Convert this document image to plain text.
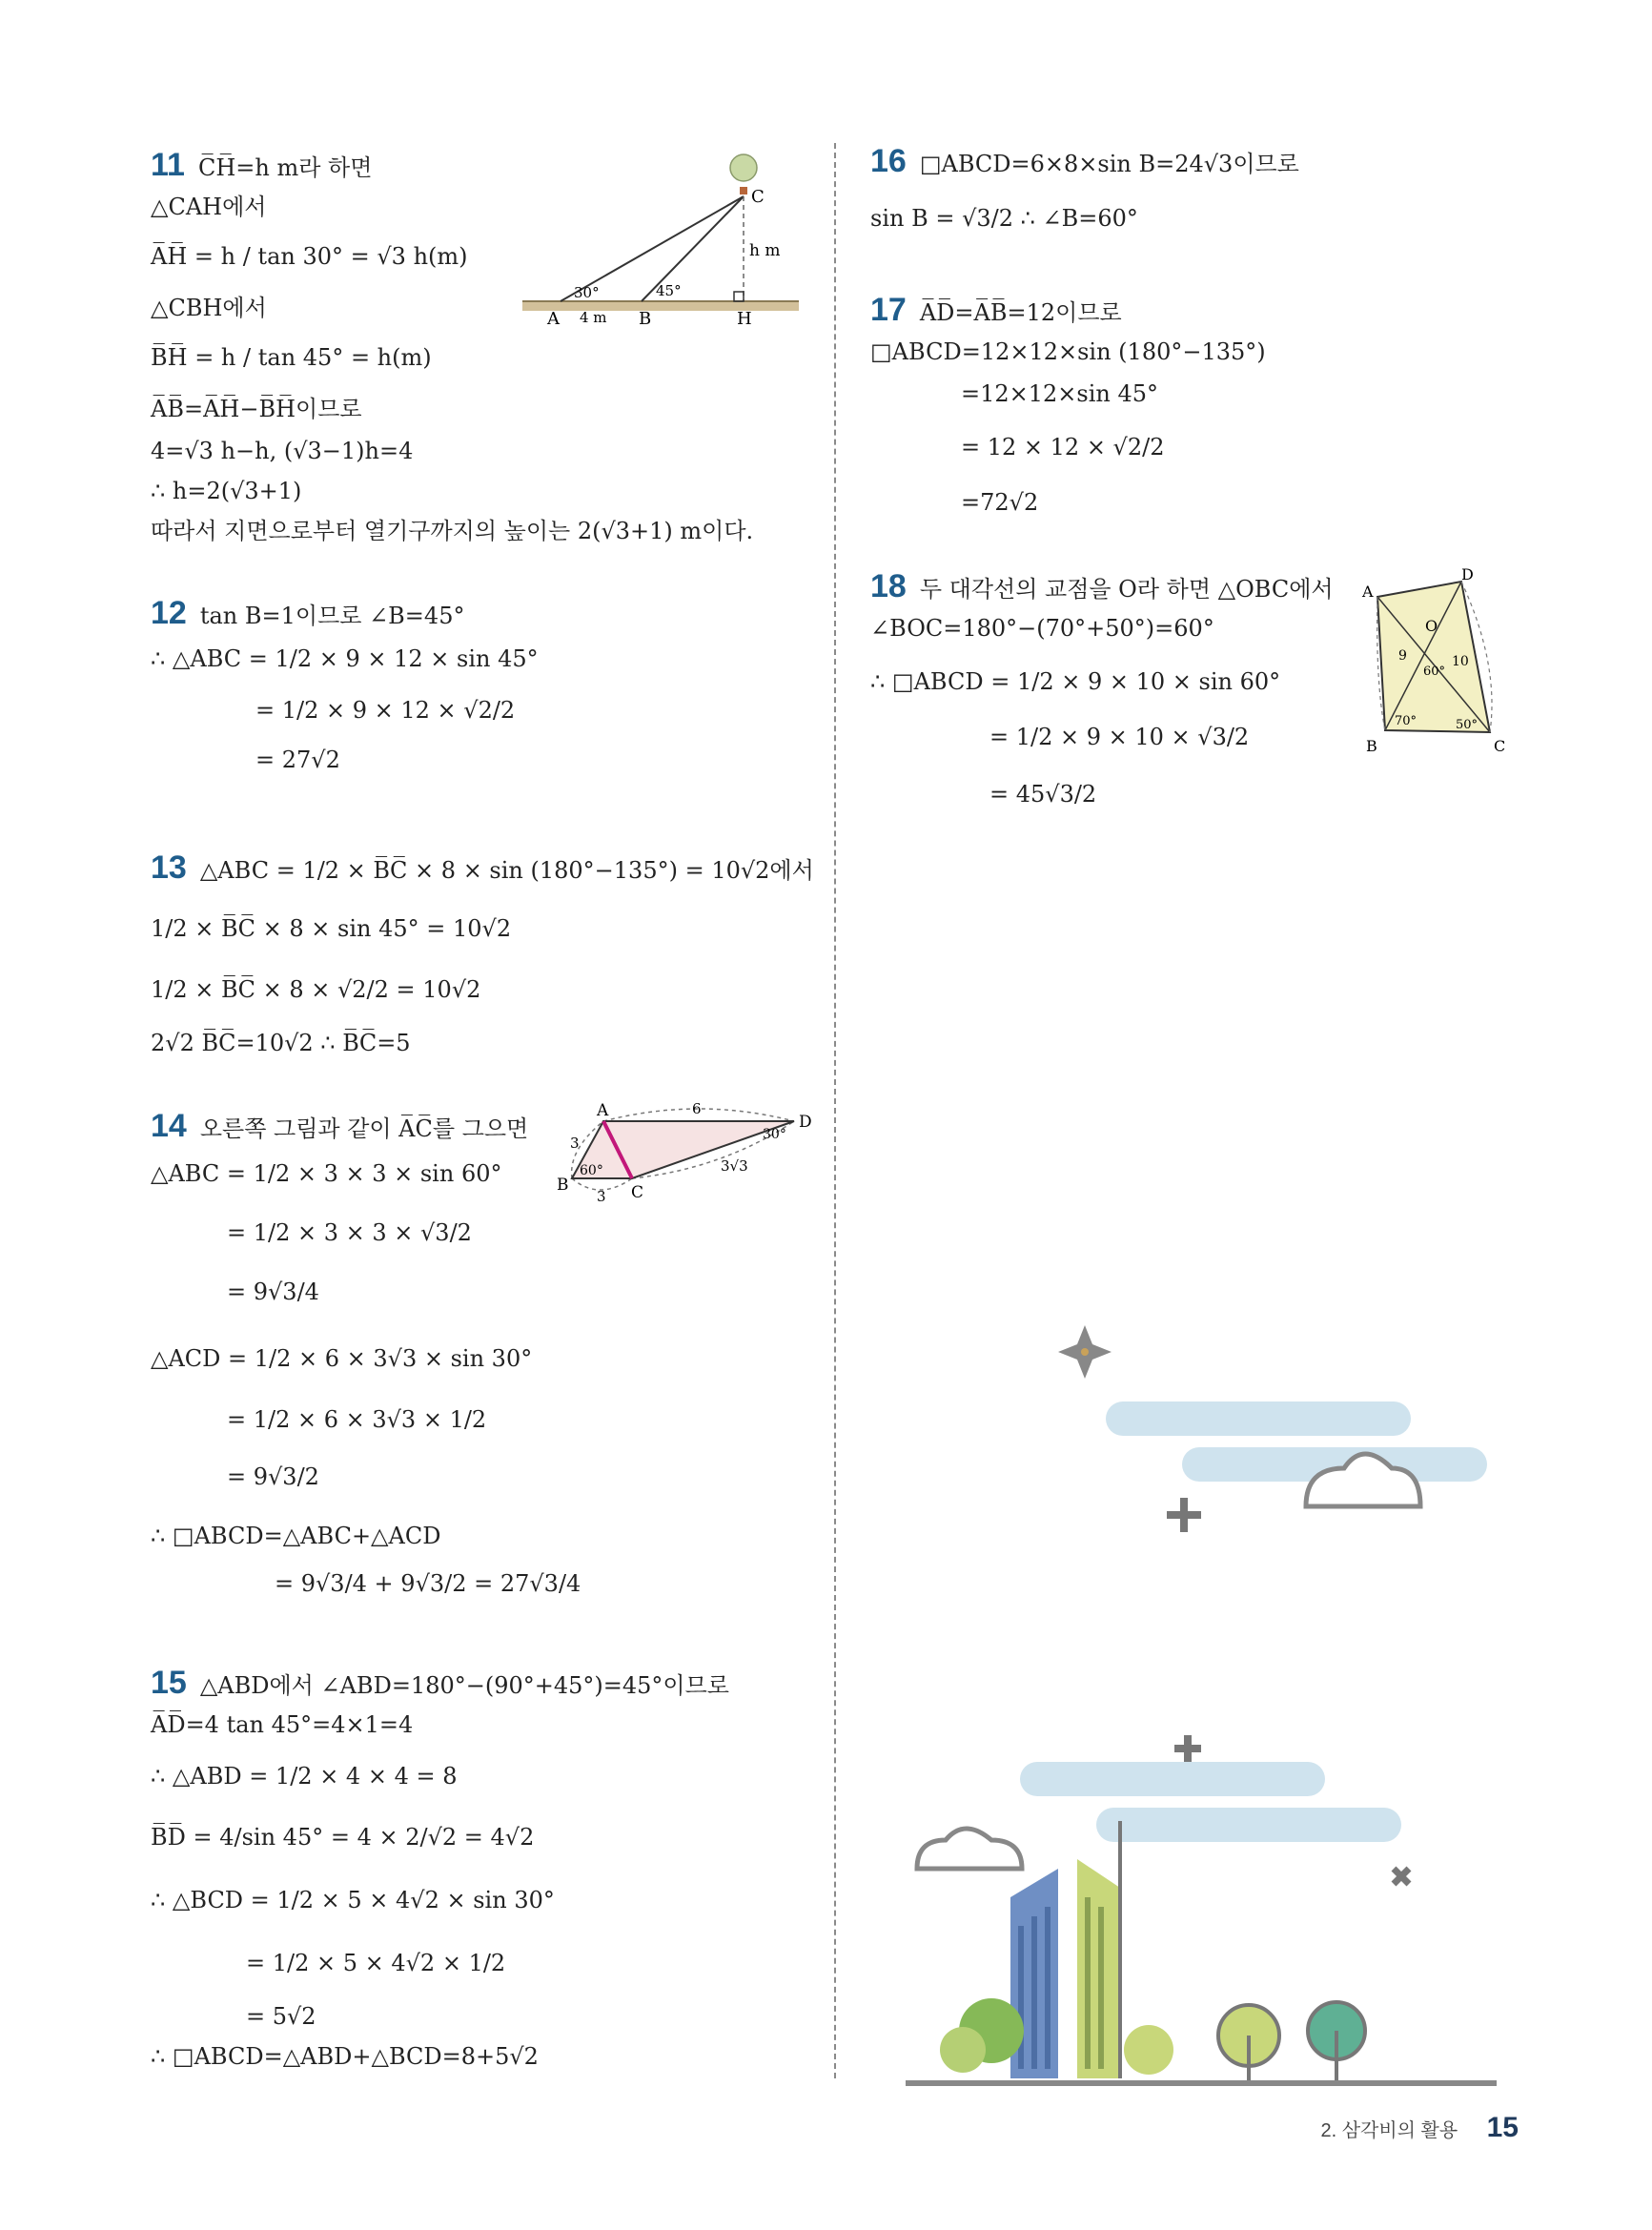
11 C̅H̅=h m라 하면
△CAH에서
A̅H̅ = h / tan 30° = √3 h(m)
△CBH에서
B̅H̅ = h / tan 45° = h(m)
A̅B̅=A̅H̅−B̅H̅이므로
4=√3 h−h, (√3−1)h=4
∴ h=2(√3+1)
따라서 지면으로부터 열기구까지의 높이는 2(√3+1) m이다.
C
A	B	H
h m
30°	45°
4 m
12 tan B=1이므로 ∠B=45°
∴ △ABC = 1/2 × 9 × 12 × sin 45°
= 1/2 × 9 × 12 × √2/2
= 27√2
13 △ABC = 1/2 × B̅C̅ × 8 × sin (180°−135°) = 10√2에서
1/2 × B̅C̅ × 8 × sin 45° = 10√2
1/2 × B̅C̅ × 8 × √2/2 = 10√2
2√2 B̅C̅=10√2 ∴ B̅C̅=5
14 오른쪽 그림과 같이 A̅C̅를 그으면
△ABC = 1/2 × 3 × 3 × sin 60°
= 1/2 × 3 × 3 × √3/2
= 9√3/4
△ACD = 1/2 × 6 × 3√3 × sin 30°
= 1/2 × 6 × 3√3 × 1/2
= 9√3/2
∴ □ABCD=△ABC+△ACD
= 9√3/4 + 9√3/2 = 27√3/4
A
B	C
D
6
3
3
3√3
60°
30°
15 △ABD에서 ∠ABD=180°−(90°+45°)=45°이므로
A̅D̅=4 tan 45°=4×1=4
∴ △ABD = 1/2 × 4 × 4 = 8
B̅D̅ = 4/sin 45° = 4 × 2/√2 = 4√2
∴ △BCD = 1/2 × 5 × 4√2 × sin 30°
= 1/2 × 5 × 4√2 × 1/2
= 5√2
∴ □ABCD=△ABD+△BCD=8+5√2
16 □ABCD=6×8×sin B=24√3이므로
sin B = √3/2 ∴ ∠B=60°
17 A̅D̅=A̅B̅=12이므로
□ABCD=12×12×sin (180°−135°)
=12×12×sin 45°
= 12 × 12 × √2/2
=72√2
18 두 대각선의 교점을 O라 하면 △OBC에서
∠BOC=180°−(70°+50°)=60°
∴ □ABCD = 1/2 × 9 × 10 × sin 60°
= 1/2 × 9 × 10 × √3/2
= 45√3/2
A
D
B	C
O
9	10
60°
70°	50°
2. 삼각비의 활용 15
